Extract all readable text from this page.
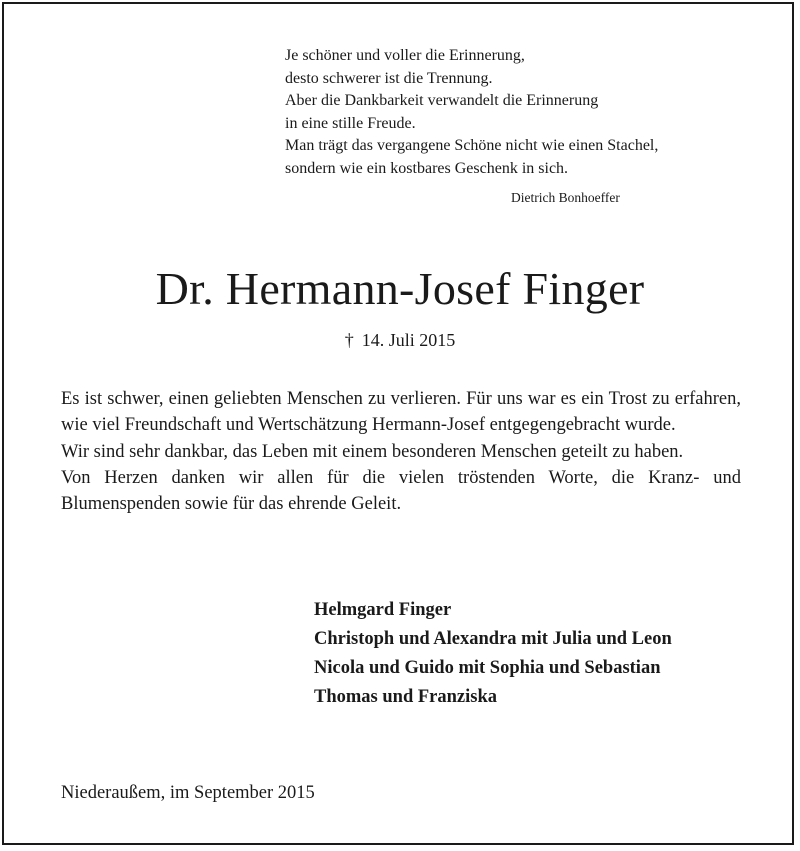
Je schöner und voller die Erinnerung,
desto schwerer ist die Trennung.
Aber die Dankbarkeit verwandelt die Erinnerung
in eine stille Freude.
Man trägt das vergangene Schöne nicht wie einen Stachel,
sondern wie ein kostbares Geschenk in sich.
Dietrich Bonhoeffer
Dr. Hermann-Josef Finger
† 14. Juli 2015
Es ist schwer, einen geliebten Menschen zu verlieren. Für uns war es ein Trost zu erfahren, wie viel Freundschaft und Wertschätzung Hermann-Josef entgegengebracht wurde.
Wir sind sehr dankbar, das Leben mit einem besonderen Menschen geteilt zu haben.
Von Herzen danken wir allen für die vielen tröstenden Worte, die Kranz- und Blumenspenden sowie für das ehrende Geleit.
Helmgard Finger
Christoph und Alexandra mit Julia und Leon
Nicola und Guido mit Sophia und Sebastian
Thomas und Franziska
Niederaußem, im September 2015
